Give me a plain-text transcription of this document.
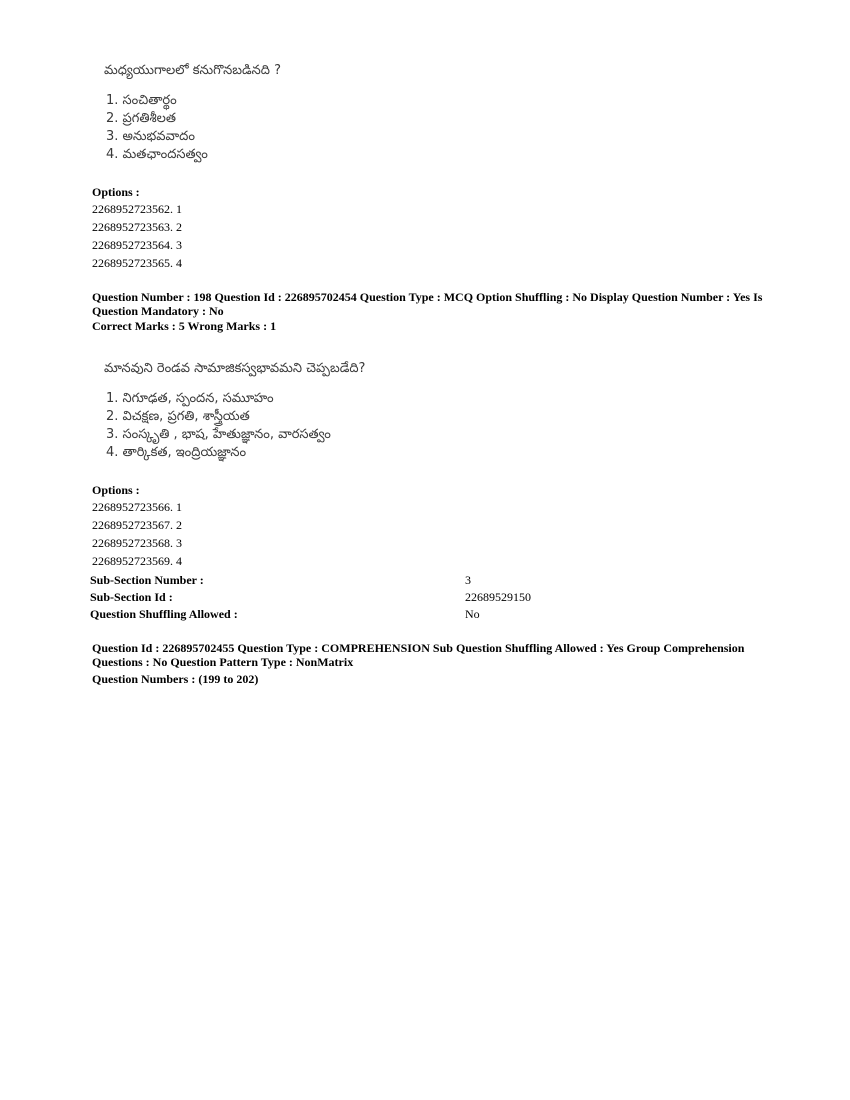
మధ్యయుగాలలో కనుగొనబడినది ?
1. సంచితార్థం
2. ప్రగతిశీలత
3. అనుభవవాదం
4. మతఛాందసత్వం
Options :
2268952723562. 1
2268952723563. 2
2268952723564. 3
2268952723565. 4
Question Number : 198 Question Id : 226895702454 Question Type : MCQ Option Shuffling : No Display Question Number : Yes Is Question Mandatory : No
Correct Marks : 5 Wrong Marks : 1
మానవుని రెండవ సామాజికస్వభావమని చెప్పబడేది?
1. నిగూఢత, స్పందన, సమూహం
2. విచక్షణ, ప్రగతి, శాస్త్రీయత
3. సంస్కృతి , భాష, హేతుజ్ఞానం, వారసత్వం
4. తార్కికత, ఇంద్రియజ్ఞానం
Options :
2268952723566. 1
2268952723567. 2
2268952723568. 3
2268952723569. 4
Sub-Section Number :	3
Sub-Section Id :	22689529150
Question Shuffling Allowed :	No
Question Id : 226895702455 Question Type : COMPREHENSION Sub Question Shuffling Allowed : Yes Group Comprehension Questions : No Question Pattern Type : NonMatrix
Question Numbers : (199 to 202)
